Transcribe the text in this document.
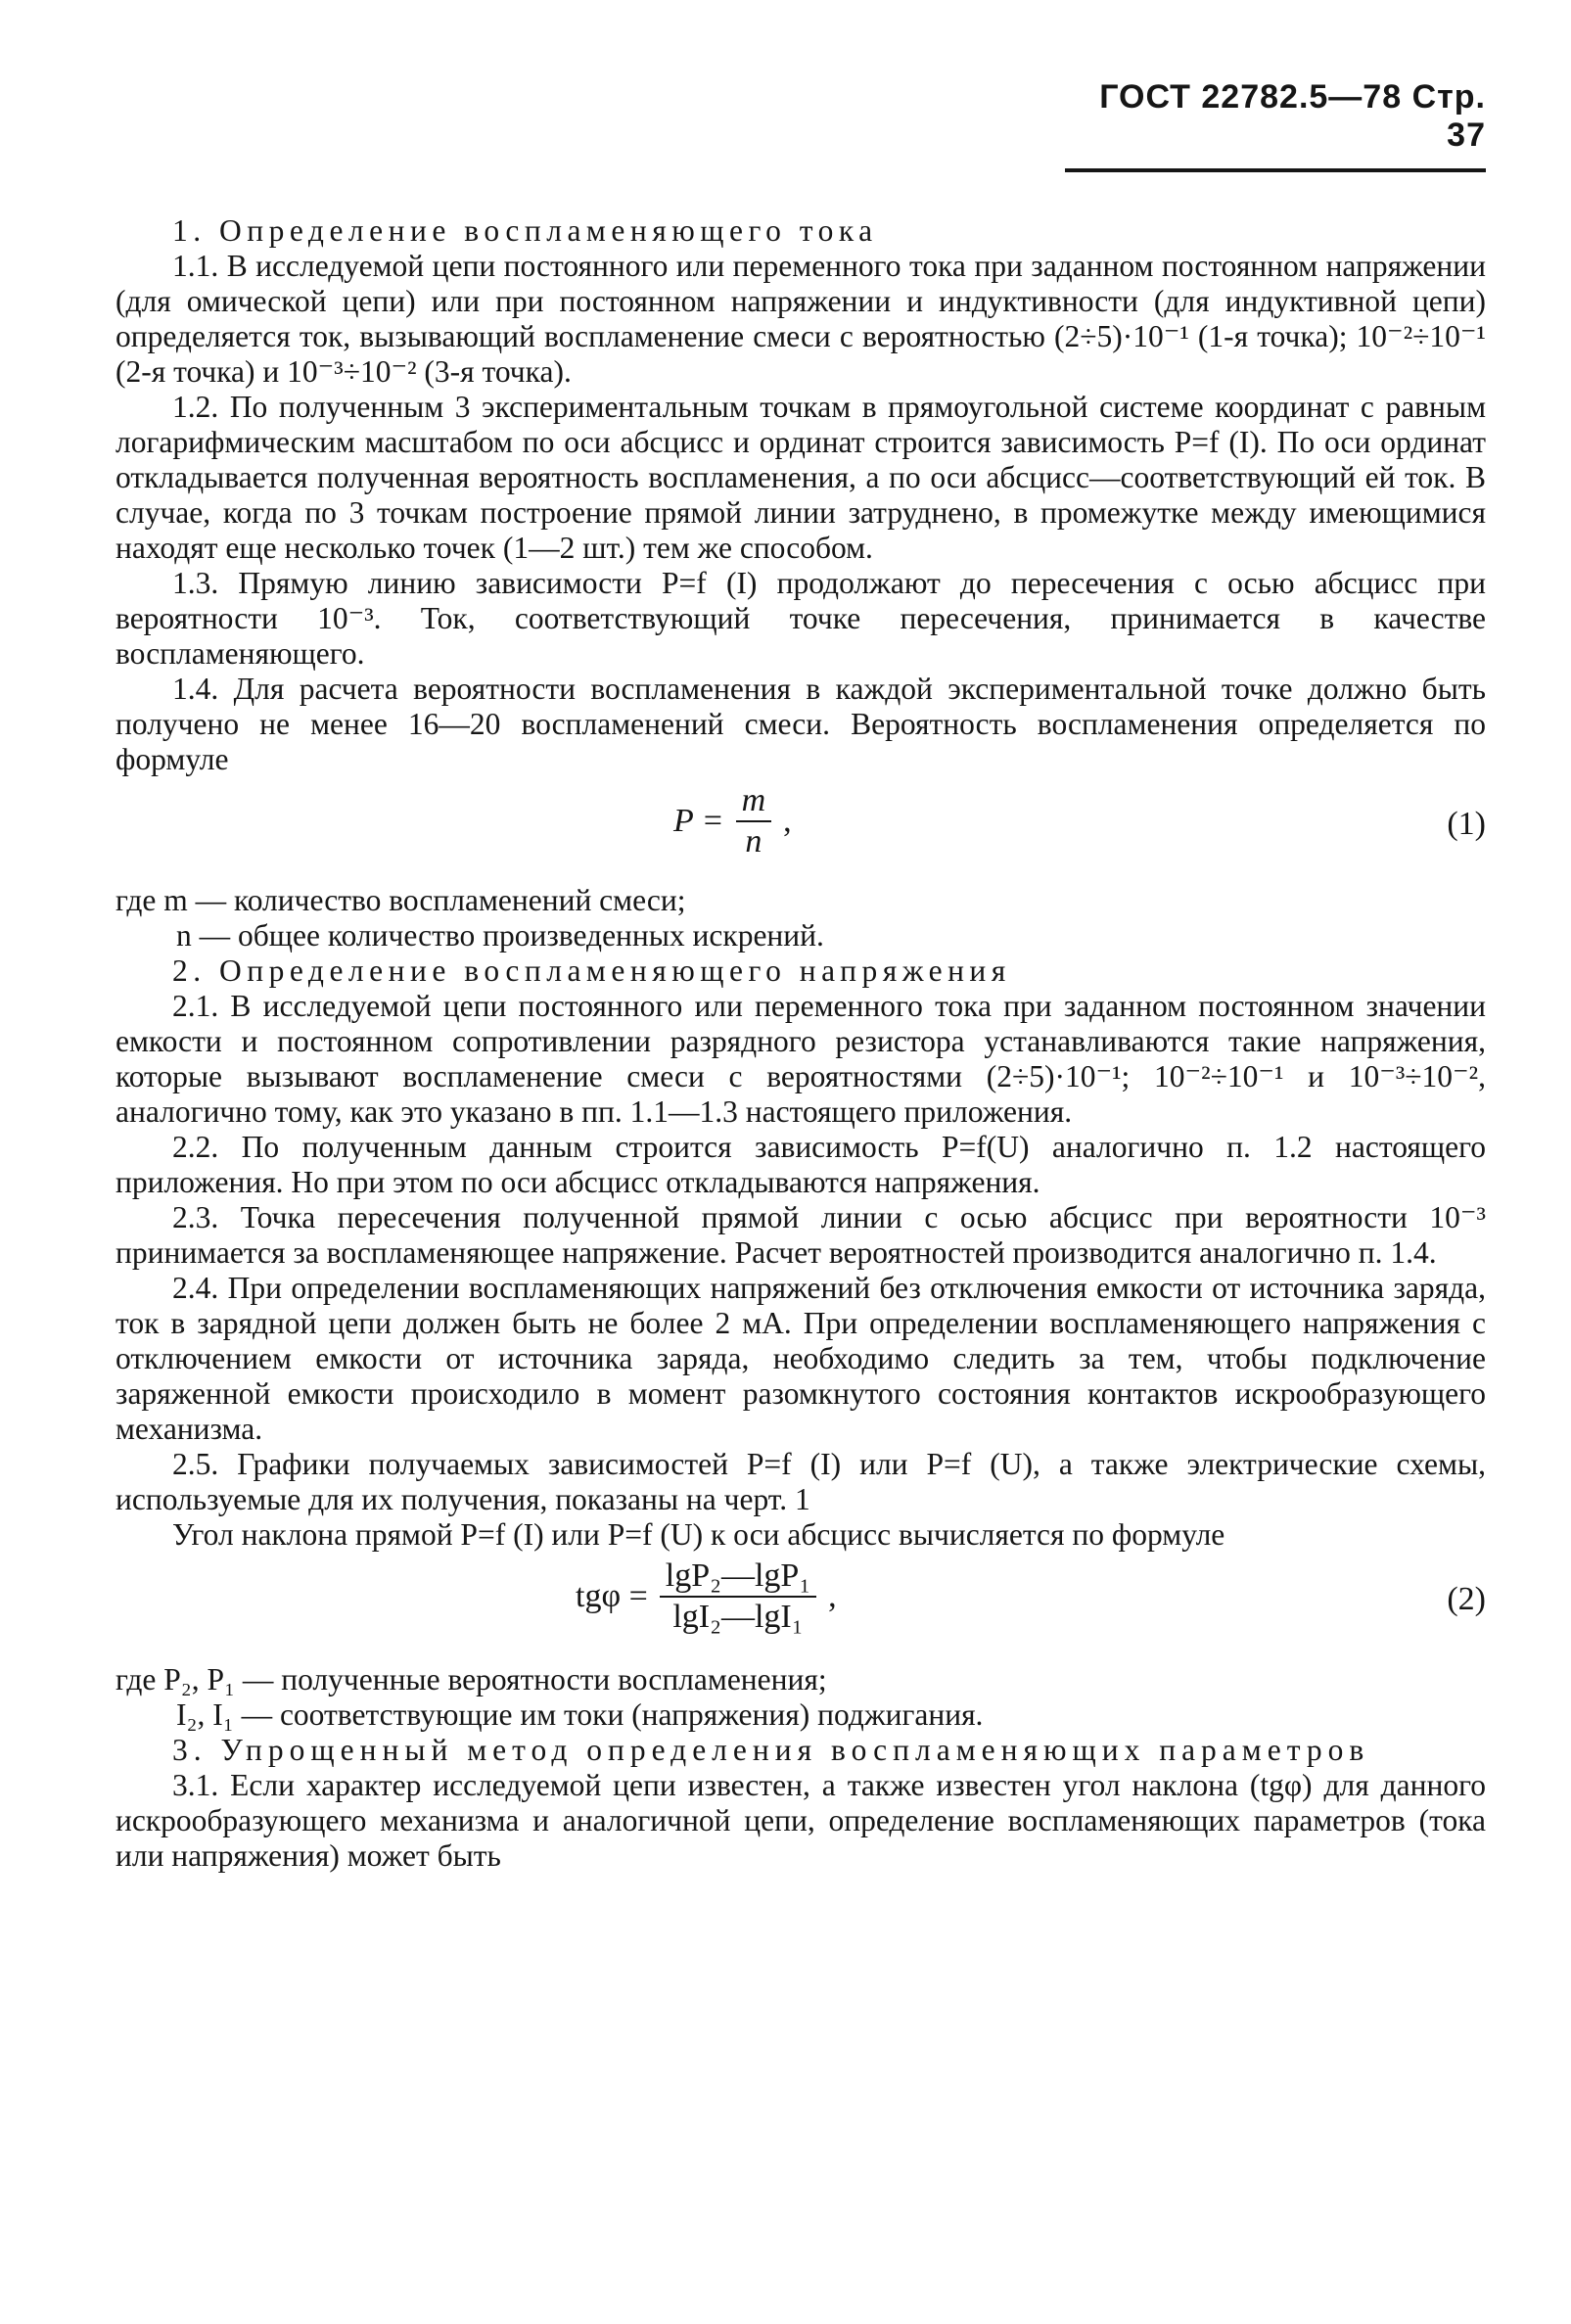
ГОСТ 22782.5—78 Стр. 37

1. Определение воспламеняющего тока

1.1. В исследуемой цепи постоянного или переменного тока при заданном постоянном напряжении (для омической цепи) или при постоянном напряжении и индуктивности (для индуктивной цепи) определяется ток, вызывающий воспламенение смеси с вероятностью (2÷5)·10⁻¹ (1-я точка); 10⁻²÷10⁻¹ (2-я точка) и 10⁻³÷10⁻² (3-я точка).

1.2. По полученным 3 экспериментальным точкам в прямоугольной системе координат с равным логарифмическим масштабом по оси абсцисс и ординат строится зависимость P=f (I). По оси ординат откладывается полученная вероятность воспламенения, а по оси абсцисс—соответствующий ей ток. В случае, когда по 3 точкам построение прямой линии затруднено, в промежутке между имеющимися находят еще несколько точек (1—2 шт.) тем же способом.

1.3. Прямую линию зависимости P=f (I) продолжают до пересечения с осью абсцисс при вероятности 10⁻³. Ток, соответствующий точке пересечения, принимается в качестве воспламеняющего.

1.4. Для расчета вероятности воспламенения в каждой экспериментальной точке должно быть получено не менее 16—20 воспламенений смеси. Вероятность воспламенения определяется по формуле

$P = \frac{m}{n}$ ,	(1)

где m — количество воспламенений смеси;

n — общее количество произведенных искрений.

2. Определение воспламеняющего напряжения

2.1. В исследуемой цепи постоянного или переменного тока при заданном постоянном значении емкости и постоянном сопротивлении разрядного резистора устанавливаются такие напряжения, которые вызывают воспламенение смеси с вероятностями (2÷5)·10⁻¹; 10⁻²÷10⁻¹ и 10⁻³÷10⁻², аналогично тому, как это указано в пп. 1.1—1.3 настоящего приложения.

2.2. По полученным данным строится зависимость P=f(U) аналогично п. 1.2 настоящего приложения. Но при этом по оси абсцисс откладываются напряжения.

2.3. Точка пересечения полученной прямой линии с осью абсцисс при вероятности 10⁻³ принимается за воспламеняющее напряжение. Расчет вероятностей производится аналогично п. 1.4.

2.4. При определении воспламеняющих напряжений без отключения емкости от источника заряда, ток в зарядной цепи должен быть не более 2 мА. При определении воспламеняющего напряжения с отключением емкости от источника заряда, необходимо следить за тем, чтобы подключение заряженной емкости происходило в момент разомкнутого состояния контактов искрообразующего механизма.

2.5. Графики получаемых зависимостей P=f (I) или P=f (U), а также электрические схемы, используемые для их получения, показаны на черт. 1

Угол наклона прямой P=f (I) или P=f (U) к оси абсцисс вычисляется по формуле

$tg\varphi = \frac{\text{lgP₂—lgP₁}}{\text{lgI₂—lgI₁}}$ ,	(2)

где P₂, P₁ — полученные вероятности воспламенения;

I₂, I₁ — соответствующие им токи (напряжения) поджигания.

3. Упрощенный метод определения воспламеняющих параметров

3.1. Если характер исследуемой цепи известен, а также известен угол наклона (tgφ) для данного искрообразующего механизма и аналогичной цепи, определение воспламеняющих параметров (тока или напряжения) может быть
